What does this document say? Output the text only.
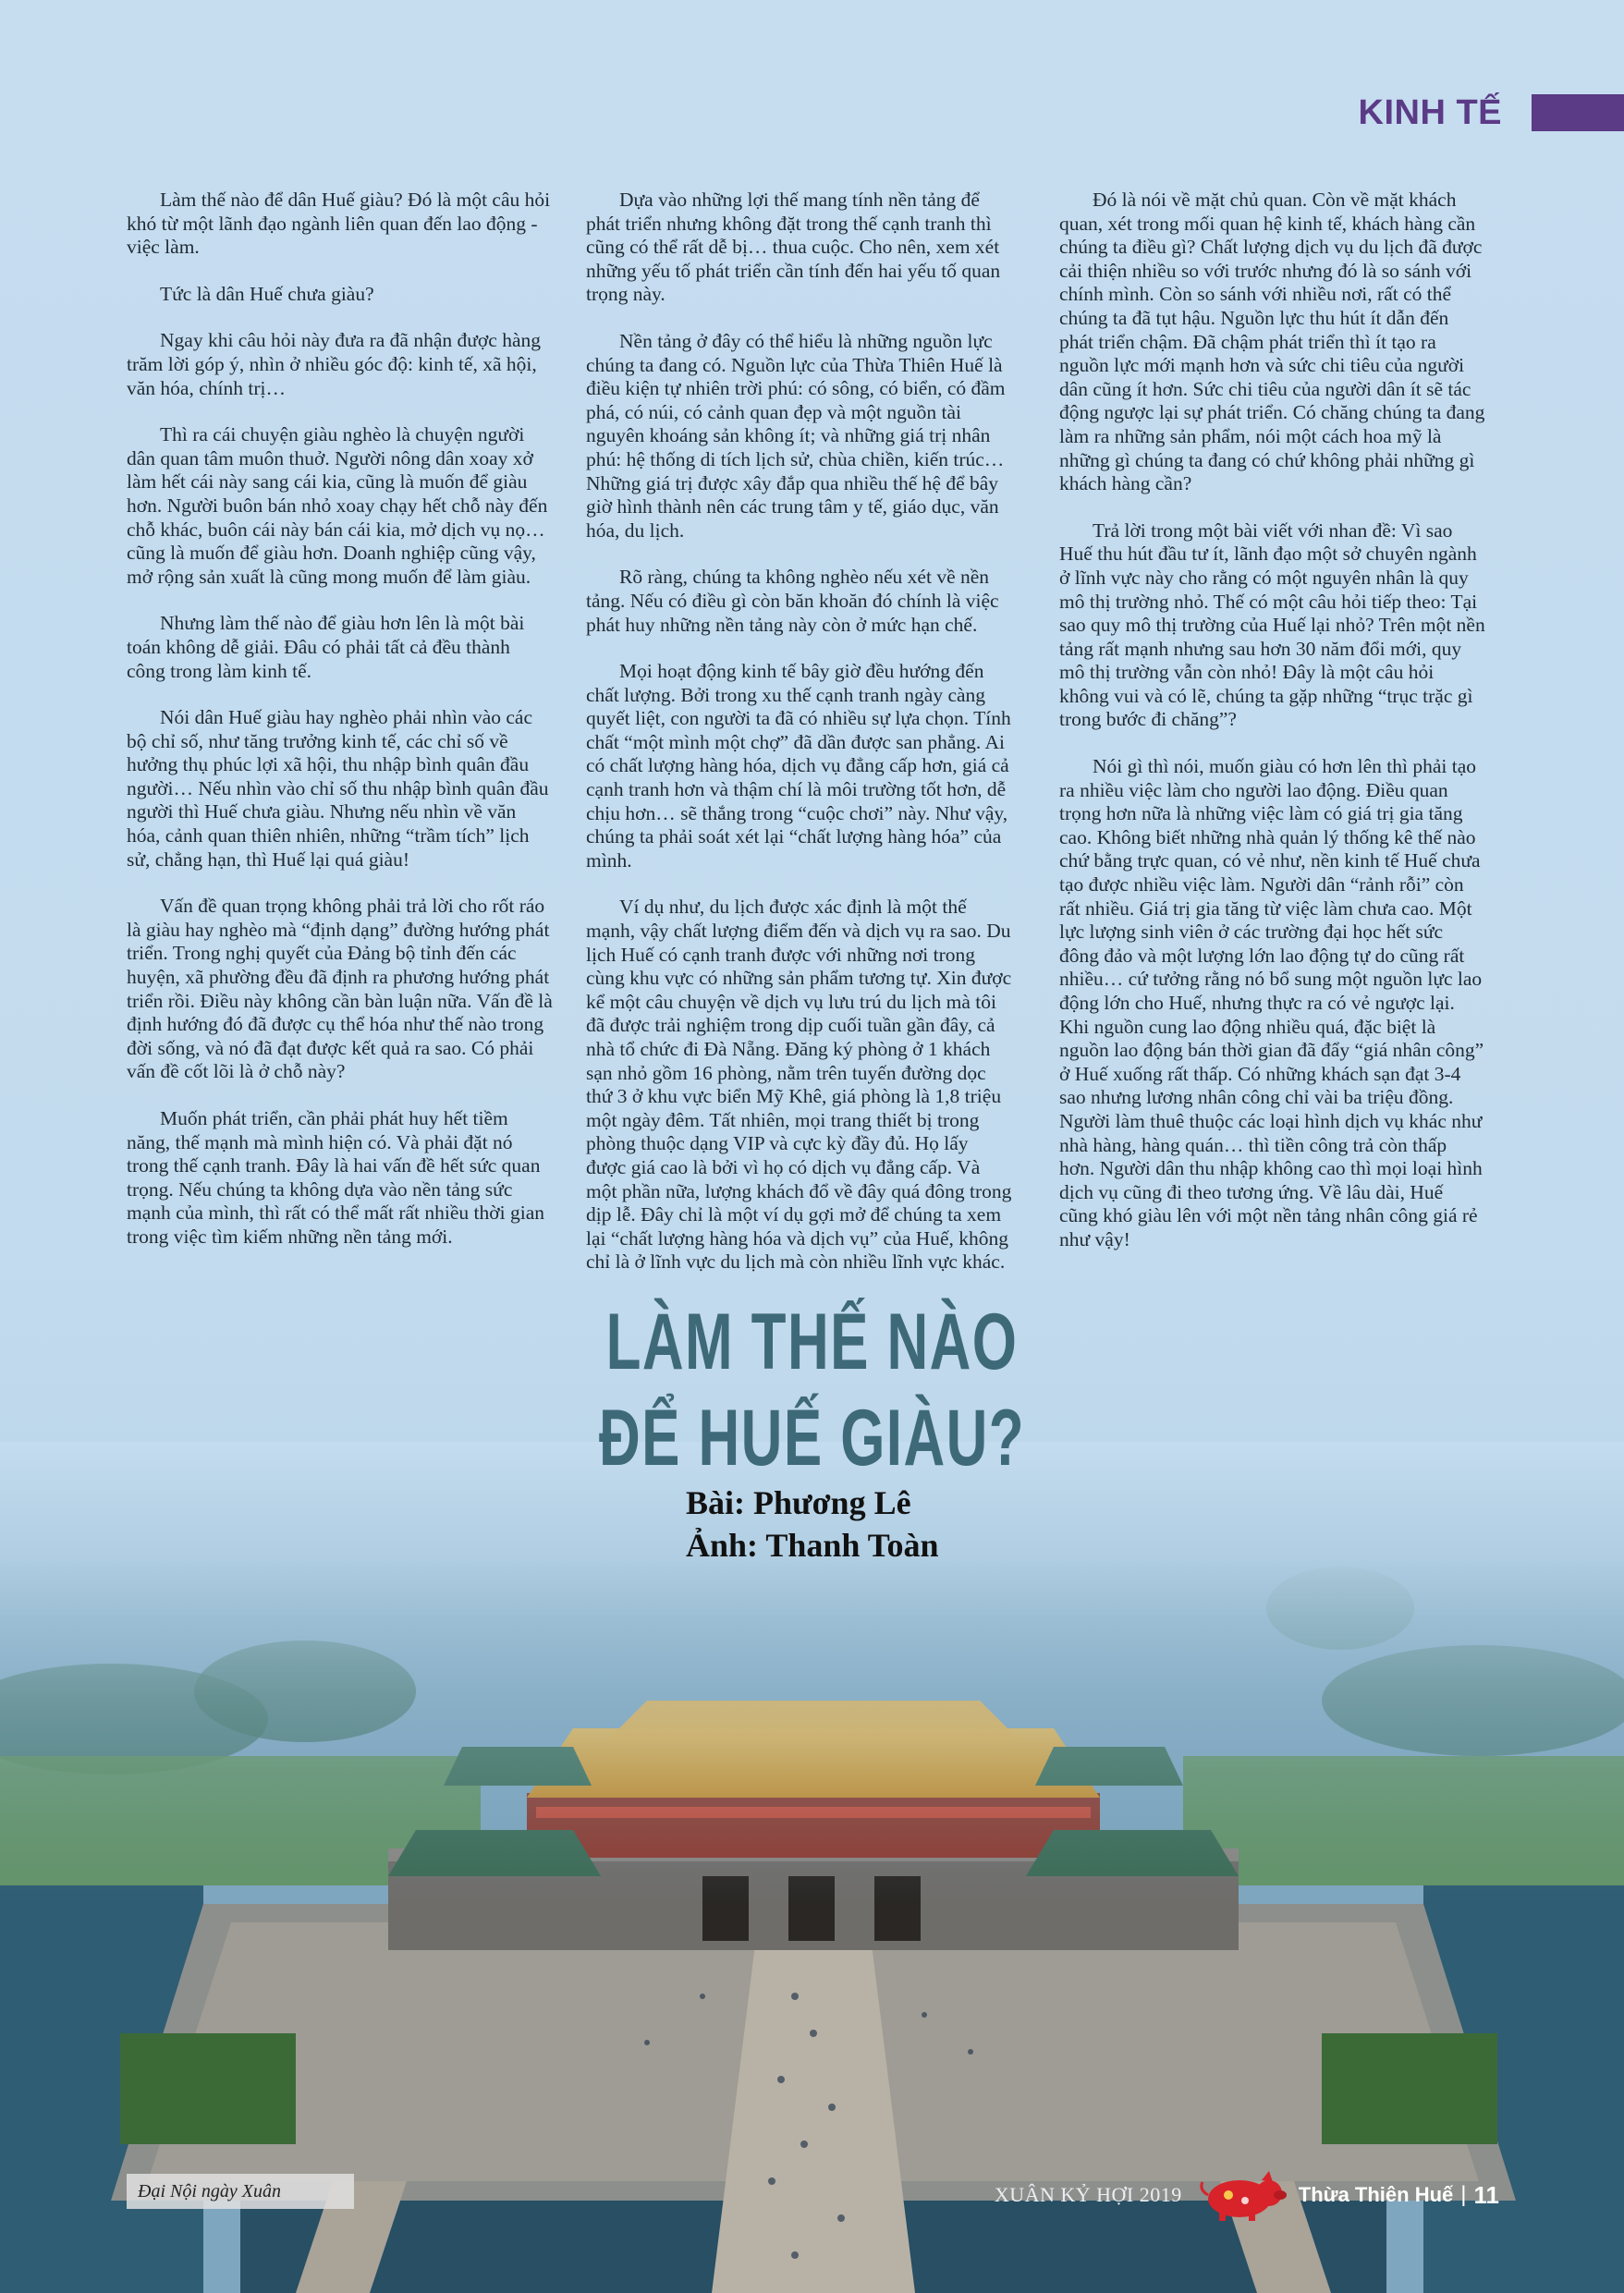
KINH TẾ

Làm thế nào để dân Huế giàu? Đó là một câu hỏi khó từ một lãnh đạo ngành liên quan đến lao động - việc làm.

Tức là dân Huế chưa giàu?

Ngay khi câu hỏi này đưa ra đã nhận được hàng trăm lời góp ý, nhìn ở nhiều góc độ: kinh tế, xã hội, văn hóa, chính trị…

Thì ra cái chuyện giàu nghèo là chuyện người dân quan tâm muôn thuở. Người nông dân xoay xở làm hết cái này sang cái kia, cũng là muốn để giàu hơn. Người buôn bán nhỏ xoay chạy hết chỗ này đến chỗ khác, buôn cái này bán cái kia, mở dịch vụ nọ… cũng là muốn để giàu hơn. Doanh nghiệp cũng vậy, mở rộng sản xuất là cũng mong muốn để làm giàu.

Nhưng làm thế nào để giàu hơn lên là một bài toán không dễ giải. Đâu có phải tất cả đều thành công trong làm kinh tế.

Nói dân Huế giàu hay nghèo phải nhìn vào các bộ chỉ số, như tăng trưởng kinh tế, các chỉ số về hưởng thụ phúc lợi xã hội, thu nhập bình quân đầu người… Nếu nhìn vào chỉ số thu nhập bình quân đầu người thì Huế chưa giàu. Nhưng nếu nhìn về văn hóa, cảnh quan thiên nhiên, những “trầm tích” lịch sử, chẳng hạn, thì Huế lại quá giàu!

Vấn đề quan trọng không phải trả lời cho rốt ráo là giàu hay nghèo mà “định dạng” đường hướng phát triển. Trong nghị quyết của Đảng bộ tỉnh đến các huyện, xã phường đều đã định ra phương hướng phát triển rồi. Điều này không cần bàn luận nữa. Vấn đề là định hướng đó đã được cụ thể hóa như thế nào trong đời sống, và nó đã đạt được kết quả ra sao. Có phải vấn đề cốt lõi là ở chỗ này?

Muốn phát triển, cần phải phát huy hết tiềm năng, thế mạnh mà mình hiện có. Và phải đặt nó trong thế cạnh tranh. Đây là hai vấn đề hết sức quan trọng. Nếu chúng ta không dựa vào nền tảng sức mạnh của mình, thì rất có thể mất rất nhiều thời gian trong việc tìm kiếm những nền tảng mới.

Dựa vào những lợi thế mang tính nền tảng để phát triển nhưng không đặt trong thế cạnh tranh thì cũng có thể rất dễ bị… thua cuộc. Cho nên, xem xét những yếu tố phát triển cần tính đến hai yếu tố quan trọng này.

Nền tảng ở đây có thể hiểu là những nguồn lực chúng ta đang có. Nguồn lực của Thừa Thiên Huế là điều kiện tự nhiên trời phú: có sông, có biển, có đầm phá, có núi, có cảnh quan đẹp và một nguồn tài nguyên khoáng sản không ít; và những giá trị nhân phú: hệ thống di tích lịch sử, chùa chiền, kiến trúc… Những giá trị được xây đắp qua nhiều thế hệ để bây giờ hình thành nên các trung tâm y tế, giáo dục, văn hóa, du lịch.

Rõ ràng, chúng ta không nghèo nếu xét về nền tảng. Nếu có điều gì còn băn khoăn đó chính là việc phát huy những nền tảng này còn ở mức hạn chế.

Mọi hoạt động kinh tế bây giờ đều hướng đến chất lượng. Bởi trong xu thế cạnh tranh ngày càng quyết liệt, con người ta đã có nhiều sự lựa chọn. Tính chất “một mình một chợ” đã dần được san phẳng. Ai có chất lượng hàng hóa, dịch vụ đẳng cấp hơn, giá cả cạnh tranh hơn và thậm chí là môi trường tốt hơn, dễ chịu hơn… sẽ thắng trong “cuộc chơi” này. Như vậy, chúng ta phải soát xét lại “chất lượng hàng hóa” của mình.

Ví dụ như, du lịch được xác định là một thế mạnh, vậy chất lượng điểm đến và dịch vụ ra sao. Du lịch Huế có cạnh tranh được với những nơi trong cùng khu vực có những sản phẩm tương tự. Xin được kể một câu chuyện về dịch vụ lưu trú du lịch mà tôi đã được trải nghiệm trong dịp cuối tuần gần đây, cả nhà tổ chức đi Đà Nẵng. Đăng ký phòng ở 1 khách sạn nhỏ gồm 16 phòng, nằm trên tuyến đường dọc thứ 3 ở khu vực biển Mỹ Khê, giá phòng là 1,8 triệu một ngày đêm. Tất nhiên, mọi trang thiết bị trong phòng thuộc dạng VIP và cực kỳ đầy đủ. Họ lấy được giá cao là bởi vì họ có dịch vụ đẳng cấp. Và một phần nữa, lượng khách đổ về đây quá đông trong dịp lễ. Đây chỉ là một ví dụ gợi mở để chúng ta xem lại “chất lượng hàng hóa và dịch vụ” của Huế, không chỉ là ở lĩnh vực du lịch mà còn nhiều lĩnh vực khác.

Đó là nói về mặt chủ quan. Còn về mặt khách quan, xét trong mối quan hệ kinh tế, khách hàng cần chúng ta điều gì? Chất lượng dịch vụ du lịch đã được cải thiện nhiều so với trước nhưng đó là so sánh với chính mình. Còn so sánh với nhiều nơi, rất có thể chúng ta đã tụt hậu. Nguồn lực thu hút ít dẫn đến phát triển chậm. Đã chậm phát triển thì ít tạo ra nguồn lực mới mạnh hơn và sức chi tiêu của người dân cũng ít hơn. Sức chi tiêu của người dân ít sẽ tác động ngược lại sự phát triển. Có chăng chúng ta đang làm ra những sản phẩm, nói một cách hoa mỹ là những gì chúng ta đang có chứ không phải những gì khách hàng cần?

Trả lời trong một bài viết với nhan đề: Vì sao Huế thu hút đầu tư ít, lãnh đạo một sở chuyên ngành ở lĩnh vực này cho rằng có một nguyên nhân là quy mô thị trường nhỏ. Thế có một câu hỏi tiếp theo: Tại sao quy mô thị trường của Huế lại nhỏ? Trên một nền tảng rất mạnh nhưng sau hơn 30 năm đổi mới, quy mô thị trường vẫn còn nhỏ! Đây là một câu hỏi không vui và có lẽ, chúng ta gặp những “trục trặc gì trong bước đi chăng”?

Nói gì thì nói, muốn giàu có hơn lên thì phải tạo ra nhiều việc làm cho người lao động. Điều quan trọng hơn nữa là những việc làm có giá trị gia tăng cao. Không biết những nhà quản lý thống kê thế nào chứ bằng trực quan, có vẻ như, nền kinh tế Huế chưa tạo được nhiều việc làm. Người dân “rảnh rỗi” còn rất nhiều. Giá trị gia tăng từ việc làm chưa cao. Một lực lượng sinh viên ở các trường đại học hết sức đông đảo và một lượng lớn lao động tự do cũng rất nhiều… cứ tưởng rằng nó bổ sung một nguồn lực lao động lớn cho Huế, nhưng thực ra có vẻ ngược lại. Khi nguồn cung lao động nhiều quá, đặc biệt là nguồn lao động bán thời gian đã đẩy “giá nhân công” ở Huế xuống rất thấp. Có những khách sạn đạt 3-4 sao nhưng lương nhân công chỉ vài ba triệu đồng. Người làm thuê thuộc các loại hình dịch vụ khác như nhà hàng, hàng quán… thì tiền công trả còn thấp hơn. Người dân thu nhập không cao thì mọi loại hình dịch vụ cũng đi theo tương ứng. Về lâu dài, Huế cũng khó giàu lên với một nền tảng nhân công giá rẻ như vậy!

LÀM THẾ NÀO
ĐỂ HUẾ GIÀU?
Bài: Phương Lê
Ảnh: Thanh Toàn
Đại Nội ngày Xuân	XUÂN KỶ HỢI 2019	Thừa Thiên Huế | 11
